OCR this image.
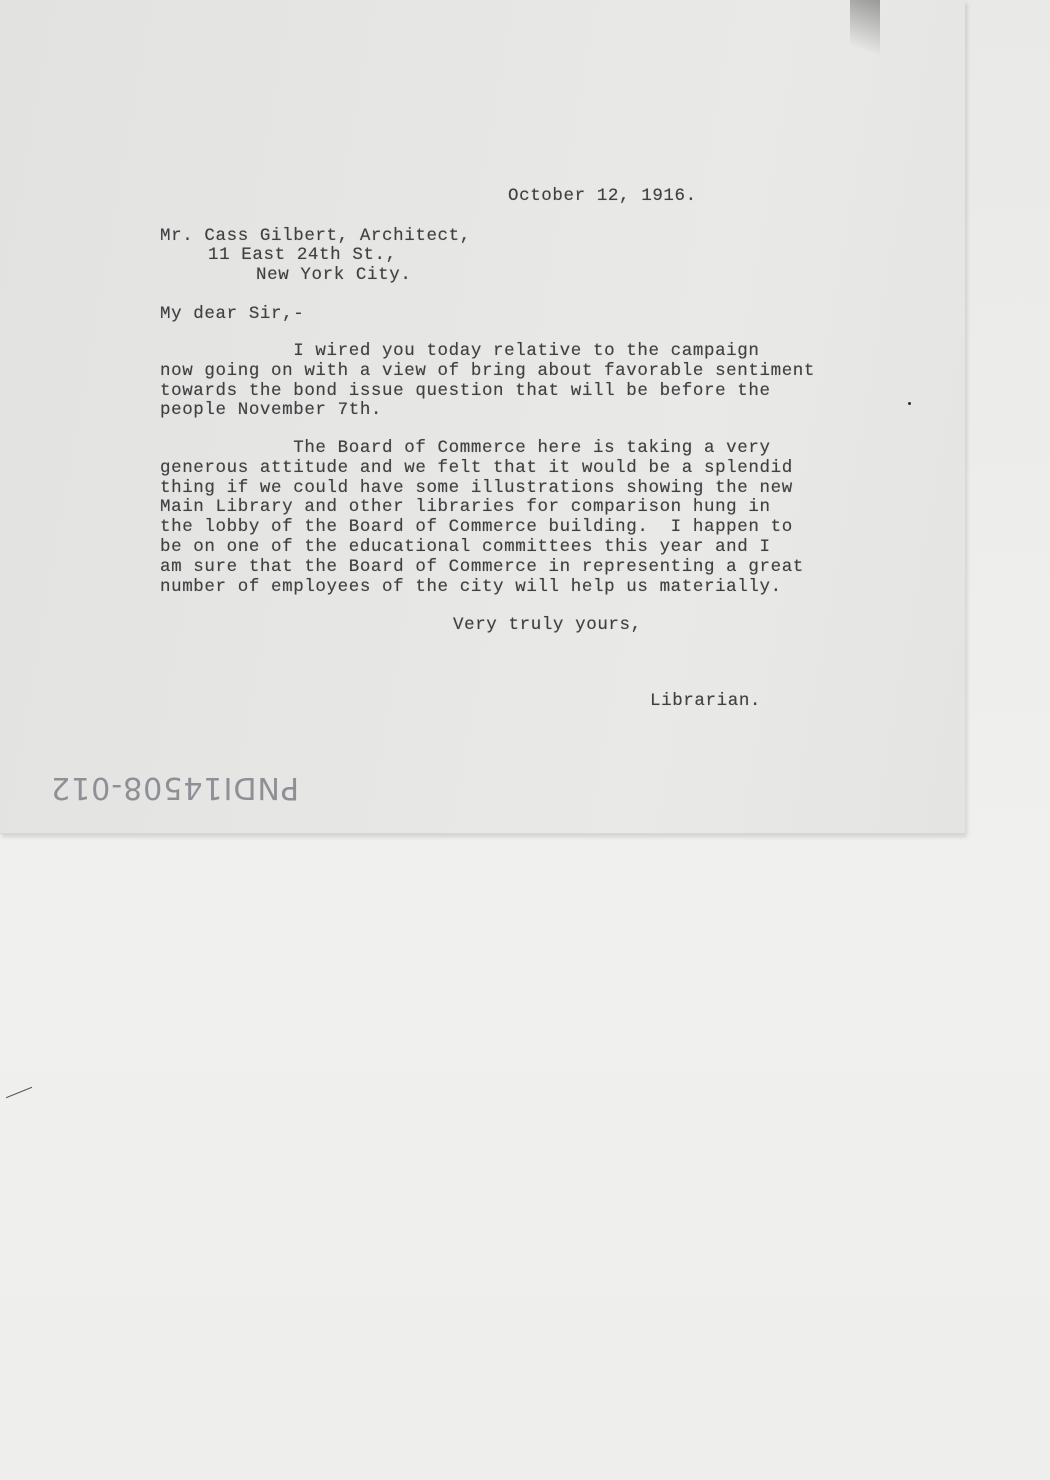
October 12, 1916.
Mr. Cass Gilbert, Architect,
11 East 24th St.,
New York City.
My dear Sir,-
I wired you today relative to the campaign
now going on with a view of bring about favorable sentiment
towards the bond issue question that will be before the
people November 7th.
The Board of Commerce here is taking a very
generous attitude and we felt that it would be a splendid
thing if we could have some illustrations showing the new
Main Library and other libraries for comparison hung in
the lobby of the Board of Commerce building.  I happen to
be on one of the educational committees this year and I
am sure that the Board of Commerce in representing a great
number of employees of the city will help us materially.
Very truly yours,
Librarian.
PNDI14508-012
